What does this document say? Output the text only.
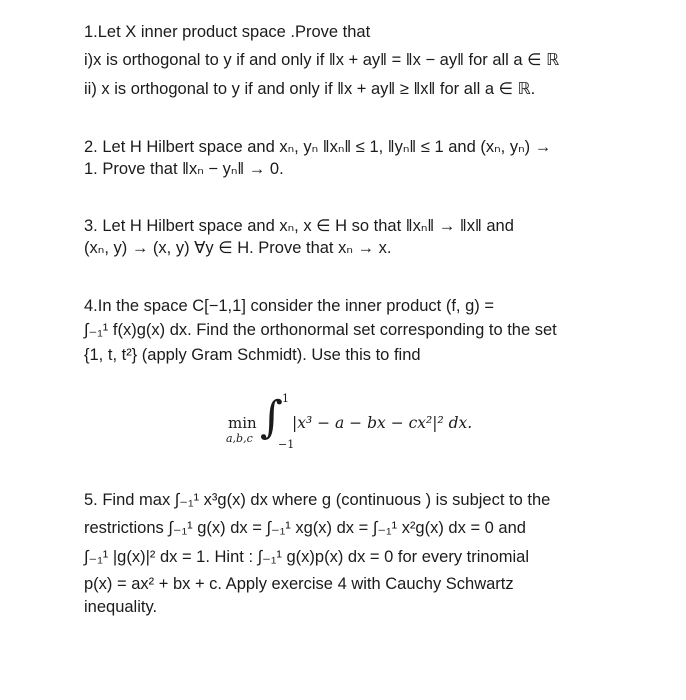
1.Let X inner product space .Prove that
i)x is orthogonal to y if and only if ‖x + ay‖ = ‖x − ay‖ for all a ∈ ℝ
ii) x is orthogonal to y if and only if ‖x + ay‖ ≥ ‖x‖ for all a ∈ ℝ.
2. Let H Hilbert space and xₙ, yₙ ‖xₙ‖ ≤ 1, ‖yₙ‖ ≤ 1 and (xₙ, yₙ) →
1. Prove that ‖xₙ − yₙ‖ → 0.
3. Let H Hilbert space and xₙ, x ∈ H so that ‖xₙ‖ → ‖x‖ and
(xₙ, y) → (x, y) ∀y ∈ H. Prove that xₙ → x.
4.In the space C[−1,1] consider the inner product (f, g) =
∫₋₁¹ f(x)g(x) dx. Find the orthonormal set corresponding to the set
{1, t, t²} (apply Gram Schmidt). Use this to find
min
a,b,c ∫ 1
−1
|x³ − a − bx − cx²|² dx.
5. Find max ∫₋₁¹ x³g(x) dx where g (continuous ) is subject to the
restrictions ∫₋₁¹ g(x) dx = ∫₋₁¹ xg(x) dx = ∫₋₁¹ x²g(x) dx = 0 and
∫₋₁¹ |g(x)|² dx = 1. Hint : ∫₋₁¹ g(x)p(x) dx = 0 for every trinomial
p(x) = ax² + bx + c. Apply exercise 4 with Cauchy Schwartz
inequality.
